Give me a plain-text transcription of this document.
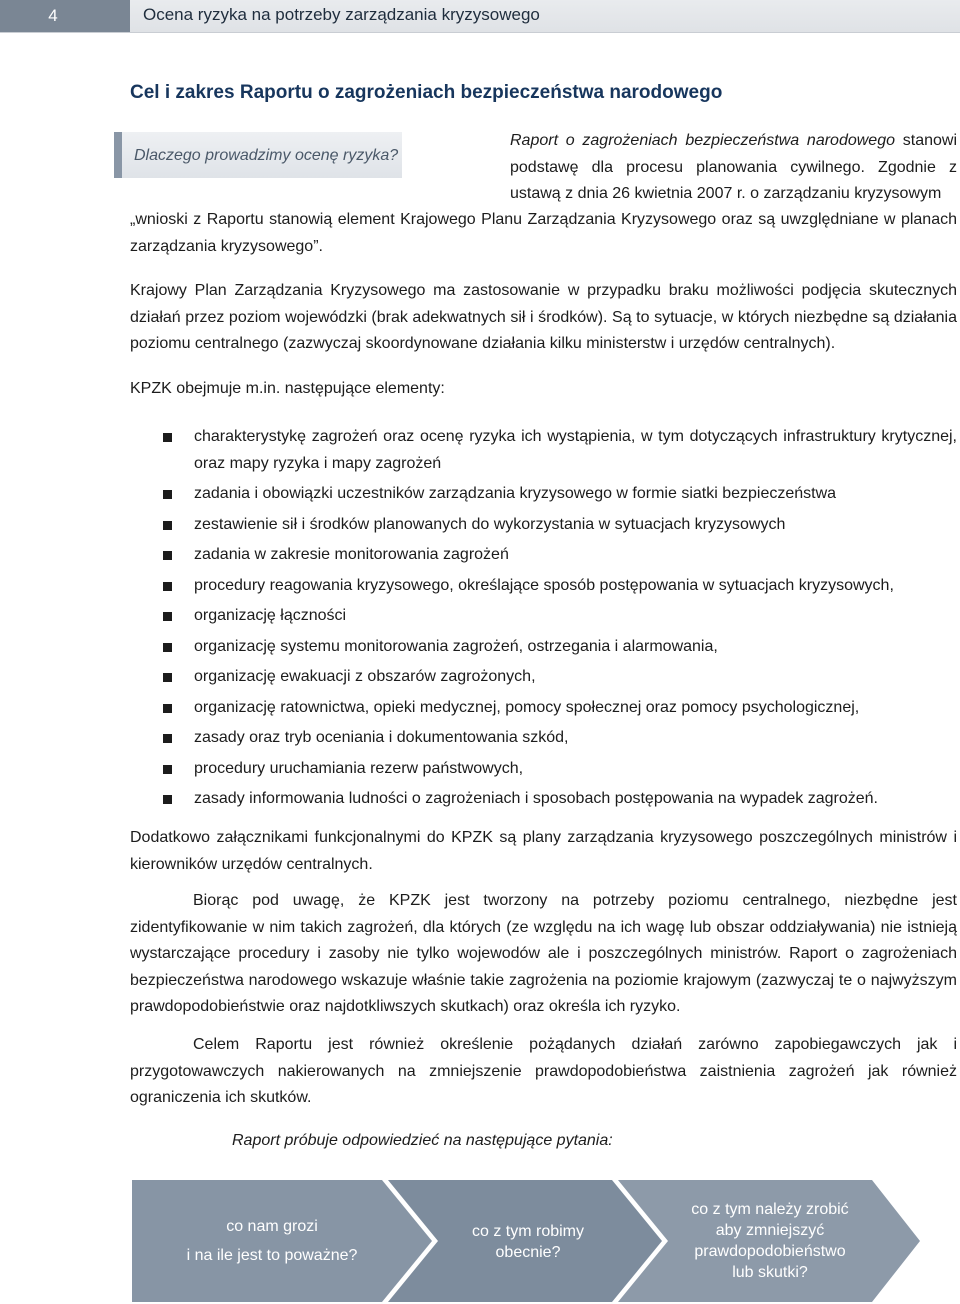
4	Ocena ryzyka na potrzeby zarządzania kryzysowego
Cel i zakres Raportu o zagrożeniach bezpieczeństwa narodowego
Dlaczego prowadzimy ocenę ryzyka?
Raport o zagrożeniach bezpieczeństwa narodowego stanowi podstawę dla procesu planowania cywilnego. Zgodnie z ustawą z dnia 26 kwietnia 2007 r. o zarządzaniu kryzysowym
„wnioski z Raportu stanowią element Krajowego Planu Zarządzania Kryzysowego oraz są uwzględniane w planach zarządzania kryzysowego”.
Krajowy Plan Zarządzania Kryzysowego ma zastosowanie w przypadku braku możliwości podjęcia skutecznych działań przez poziom wojewódzki (brak adekwatnych sił i środków). Są to sytuacje, w których niezbędne są działania poziomu centralnego (zazwyczaj skoordynowane działania kilku ministerstw i urzędów centralnych).
KPZK obejmuje m.in. następujące elementy:
charakterystykę zagrożeń oraz ocenę ryzyka ich wystąpienia, w tym dotyczących infrastruktury krytycznej, oraz mapy ryzyka i mapy zagrożeń
zadania i obowiązki uczestników zarządzania kryzysowego w formie siatki bezpieczeństwa
zestawienie sił i środków planowanych do wykorzystania w sytuacjach kryzysowych
zadania w zakresie monitorowania zagrożeń
procedury reagowania kryzysowego, określające sposób postępowania w sytuacjach kryzysowych,
organizację łączności
organizację systemu monitorowania zagrożeń, ostrzegania i alarmowania,
organizację ewakuacji z obszarów zagrożonych,
organizację ratownictwa, opieki medycznej, pomocy społecznej oraz pomocy psychologicznej,
zasady oraz tryb oceniania i dokumentowania szkód,
procedury uruchamiania rezerw państwowych,
zasady informowania ludności o zagrożeniach i sposobach postępowania na wypadek zagrożeń.
Dodatkowo załącznikami funkcjonalnymi do KPZK są plany zarządzania kryzysowego poszczególnych ministrów i kierowników urzędów centralnych.
Biorąc pod uwagę, że KPZK jest tworzony na potrzeby poziomu centralnego, niezbędne jest zidentyfikowanie w nim takich zagrożeń, dla których (ze względu na ich wagę lub obszar oddziaływania) nie istnieją wystarczające procedury i zasoby nie tylko wojewodów ale i poszczególnych ministrów. Raport o zagrożeniach bezpieczeństwa narodowego wskazuje właśnie takie zagrożenia na poziomie krajowym (zazwyczaj te o najwyższym prawdopodobieństwie oraz najdotkliwszych skutkach) oraz określa ich ryzyko.
Celem Raportu jest również określenie pożądanych działań zarówno zapobiegawczych jak i przygotowawczych nakierowanych na zmniejszenie prawdopodobieństwa zaistnienia zagrożeń jak również ograniczenia ich skutków.
Raport próbuje odpowiedzieć na następujące pytania:
co nam grozi
i na ile jest to poważne?
co z tym robimy
obecnie?
co z tym należy zrobić
aby zmniejszyć
prawdopodobieństwo
lub skutki?
